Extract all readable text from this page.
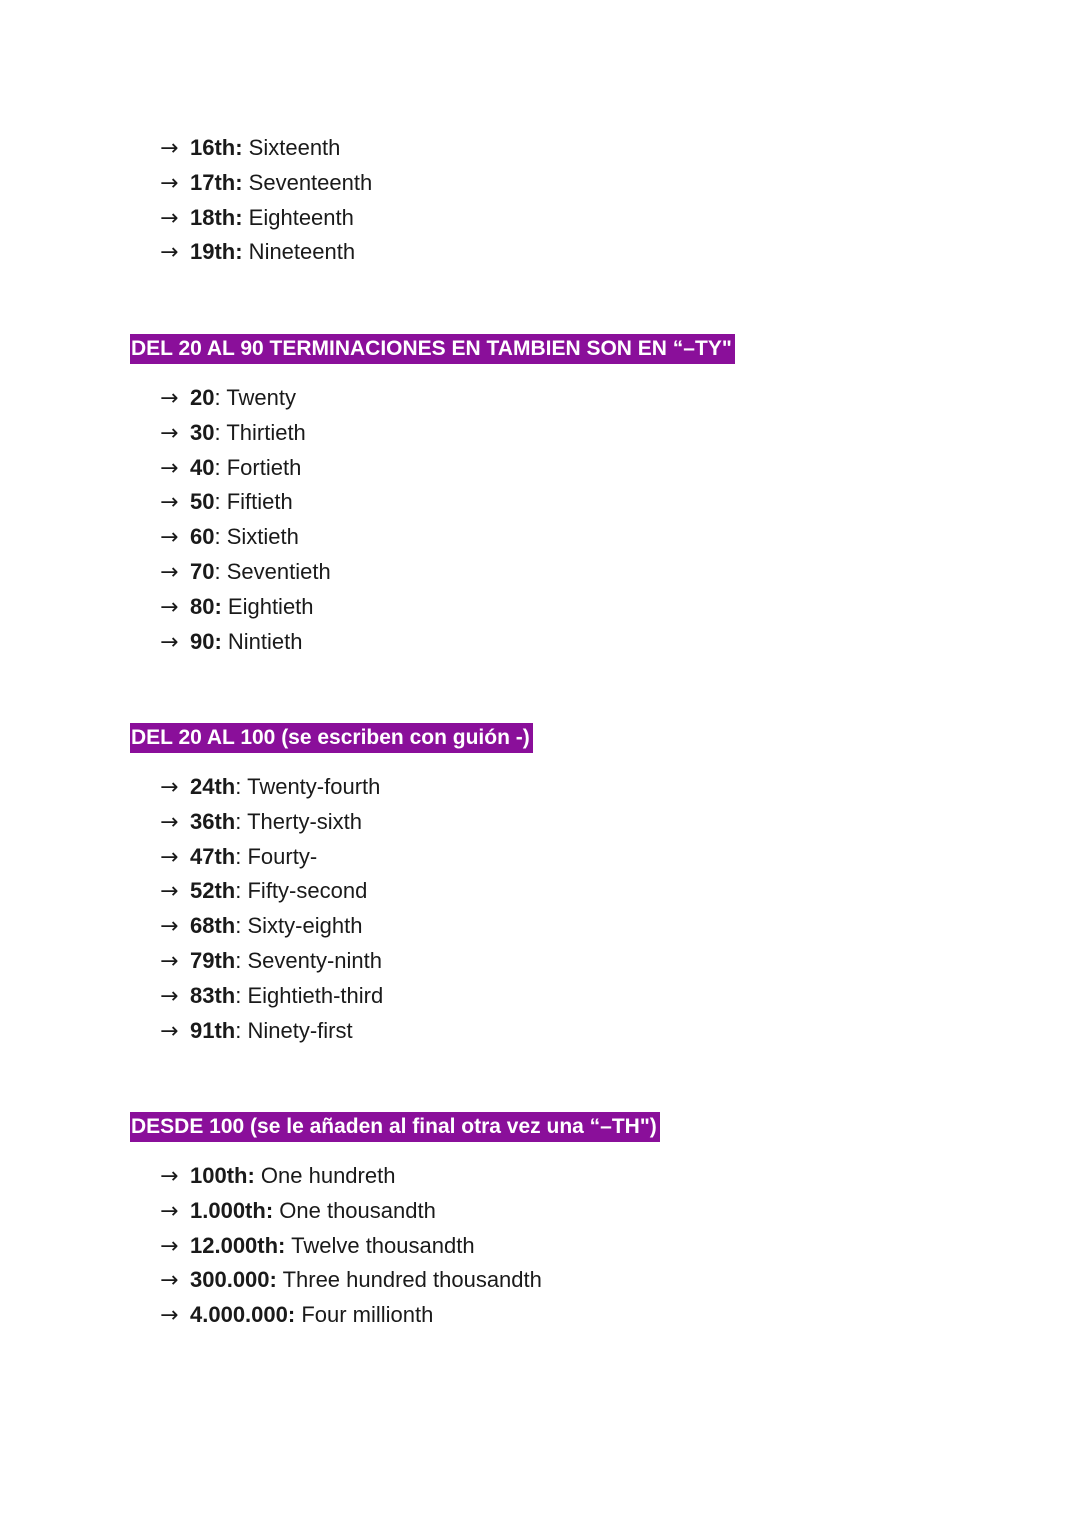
→ 16th: Sixteenth
→ 17th: Seventeenth
→ 18th: Eighteenth
→ 19th: Nineteenth
DEL 20 AL 90 TERMINACIONES EN TAMBIEN SON EN “–TY"
→ 20: Twenty
→ 30: Thirtieth
→ 40: Fortieth
→ 50: Fiftieth
→ 60: Sixtieth
→ 70: Seventieth
→ 80: Eightieth
→ 90: Nintieth
DEL 20 AL 100 (se escriben con guión -)
→ 24th: Twenty-fourth
→ 36th: Therty-sixth
→ 47th: Fourty-
→ 52th: Fifty-second
→ 68th: Sixty-eighth
→ 79th: Seventy-ninth
→ 83th: Eightieth-third
→ 91th: Ninety-first
DESDE 100 (se le añaden al final otra vez una “–TH")
→ 100th: One hundreth
→ 1.000th: One thousandth
→ 12.000th: Twelve thousandth
→ 300.000: Three hundred thousandth
→ 4.000.000: Four millionth
